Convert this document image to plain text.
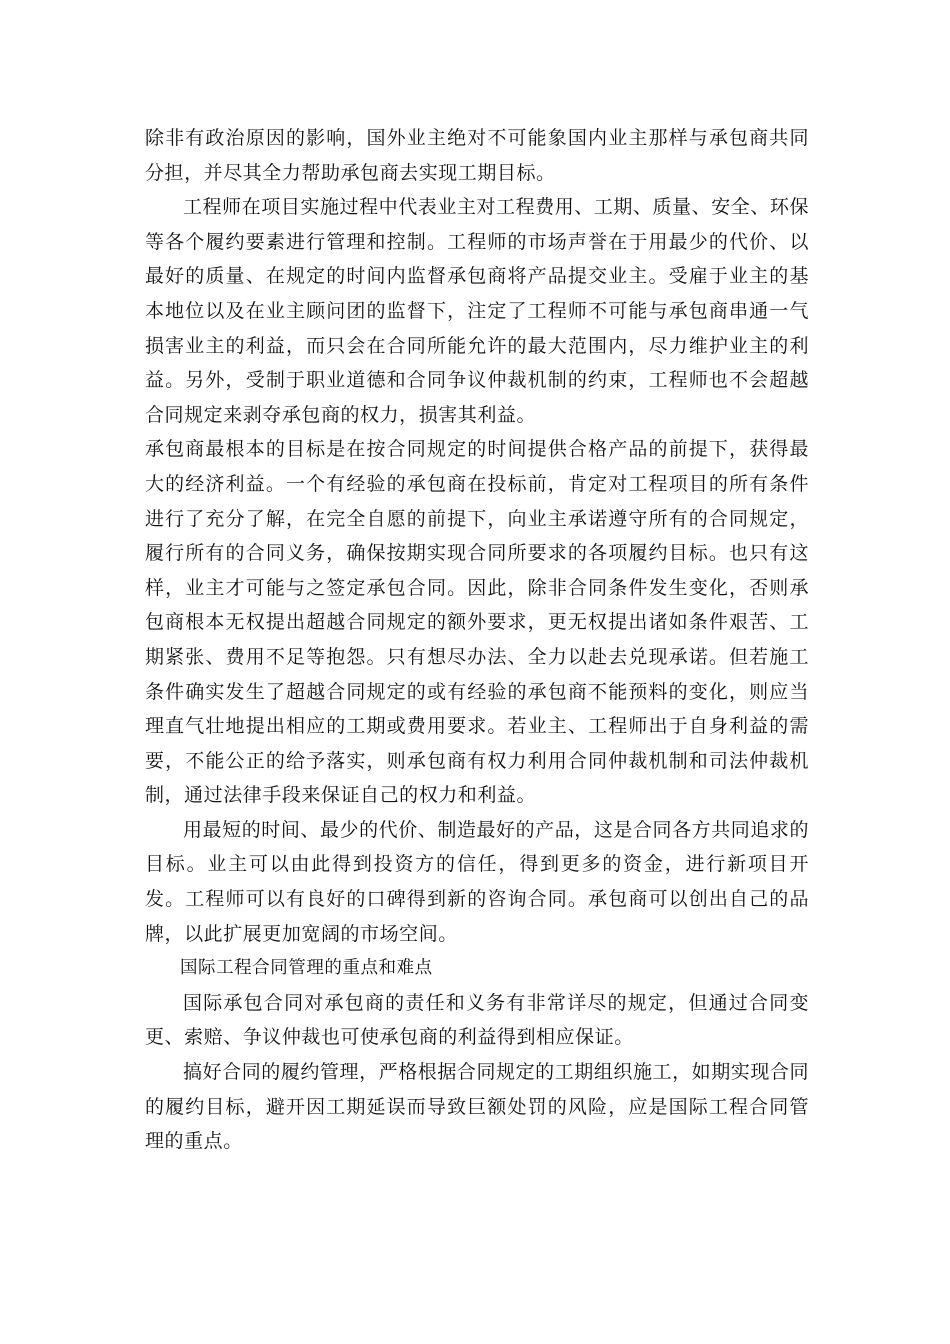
除非有政治原因的影响，国外业主绝对不可能象国内业主那样与承包商共同分担，并尽其全力帮助承包商去实现工期目标。

工程师在项目实施过程中代表业主对工程费用、工期、质量、安全、环保等各个履约要素进行管理和控制。工程师的市场声誉在于用最少的代价、以最好的质量、在规定的时间内监督承包商将产品提交业主。受雇于业主的基本地位以及在业主顾问团的监督下，注定了工程师不可能与承包商串通一气损害业主的利益，而只会在合同所能允许的最大范围内，尽力维护业主的利益。另外，受制于职业道德和合同争议仲裁机制的约束，工程师也不会超越合同规定来剥夺承包商的权力，损害其利益。

承包商最根本的目标是在按合同规定的时间提供合格产品的前提下，获得最大的经济利益。一个有经验的承包商在投标前，肯定对工程项目的所有条件进行了充分了解，在完全自愿的前提下，向业主承诺遵守所有的合同规定，履行所有的合同义务，确保按期实现合同所要求的各项履约目标。也只有这样，业主才可能与之签定承包合同。因此，除非合同条件发生变化，否则承包商根本无权提出超越合同规定的额外要求，更无权提出诸如条件艰苦、工期紧张、费用不足等抱怨。只有想尽办法、全力以赴去兑现承诺。但若施工条件确实发生了超越合同规定的或有经验的承包商不能预料的变化，则应当理直气壮地提出相应的工期或费用要求。若业主、工程师出于自身利益的需要，不能公正的给予落实，则承包商有权力利用合同仲裁机制和司法仲裁机制，通过法律手段来保证自己的权力和利益。

用最短的时间、最少的代价、制造最好的产品，这是合同各方共同追求的目标。业主可以由此得到投资方的信任，得到更多的资金，进行新项目开发。工程师可以有良好的口碑得到新的咨询合同。承包商可以创出自己的品牌，以此扩展更加宽阔的市场空间。

国际工程合同管理的重点和难点

国际承包合同对承包商的责任和义务有非常详尽的规定，但通过合同变更、索赔、争议仲裁也可使承包商的利益得到相应保证。

搞好合同的履约管理，严格根据合同规定的工期组织施工，如期实现合同的履约目标，避开因工期延误而导致巨额处罚的风险，应是国际工程合同管理的重点。
